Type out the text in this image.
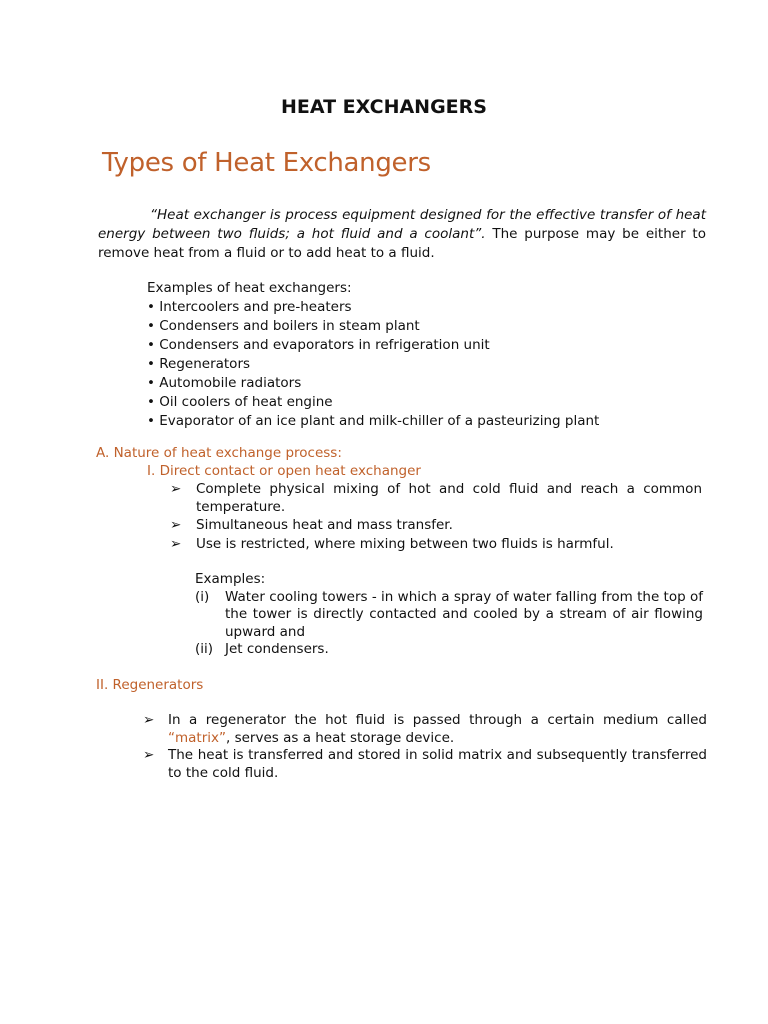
HEAT EXCHANGERS
Types of Heat Exchangers
“Heat exchanger is process equipment designed for the effective transfer of heat energy between two fluids; a hot fluid and a coolant”. The purpose may be either to remove heat from a fluid or to add heat to a fluid.
Examples of heat exchangers:
• Intercoolers and pre-heaters
• Condensers and boilers in steam plant
• Condensers and evaporators in refrigeration unit
• Regenerators
• Automobile radiators
• Oil coolers of heat engine
• Evaporator of an ice plant and milk-chiller of a pasteurizing plant
A. Nature of heat exchange process:
I. Direct contact or open heat exchanger
➢ Complete physical mixing of hot and cold fluid and reach a common temperature.
➢ Simultaneous heat and mass transfer.
➢ Use is restricted, where mixing between two fluids is harmful.
Examples:
(i) Water cooling towers - in which a spray of water falling from the top of the tower is directly contacted and cooled by a stream of air flowing upward and
(ii) Jet condensers.
II. Regenerators
➢ In a regenerator the hot fluid is passed through a certain medium called “matrix”, serves as a heat storage device.
➢ The heat is transferred and stored in solid matrix and subsequently transferred to the cold fluid.
